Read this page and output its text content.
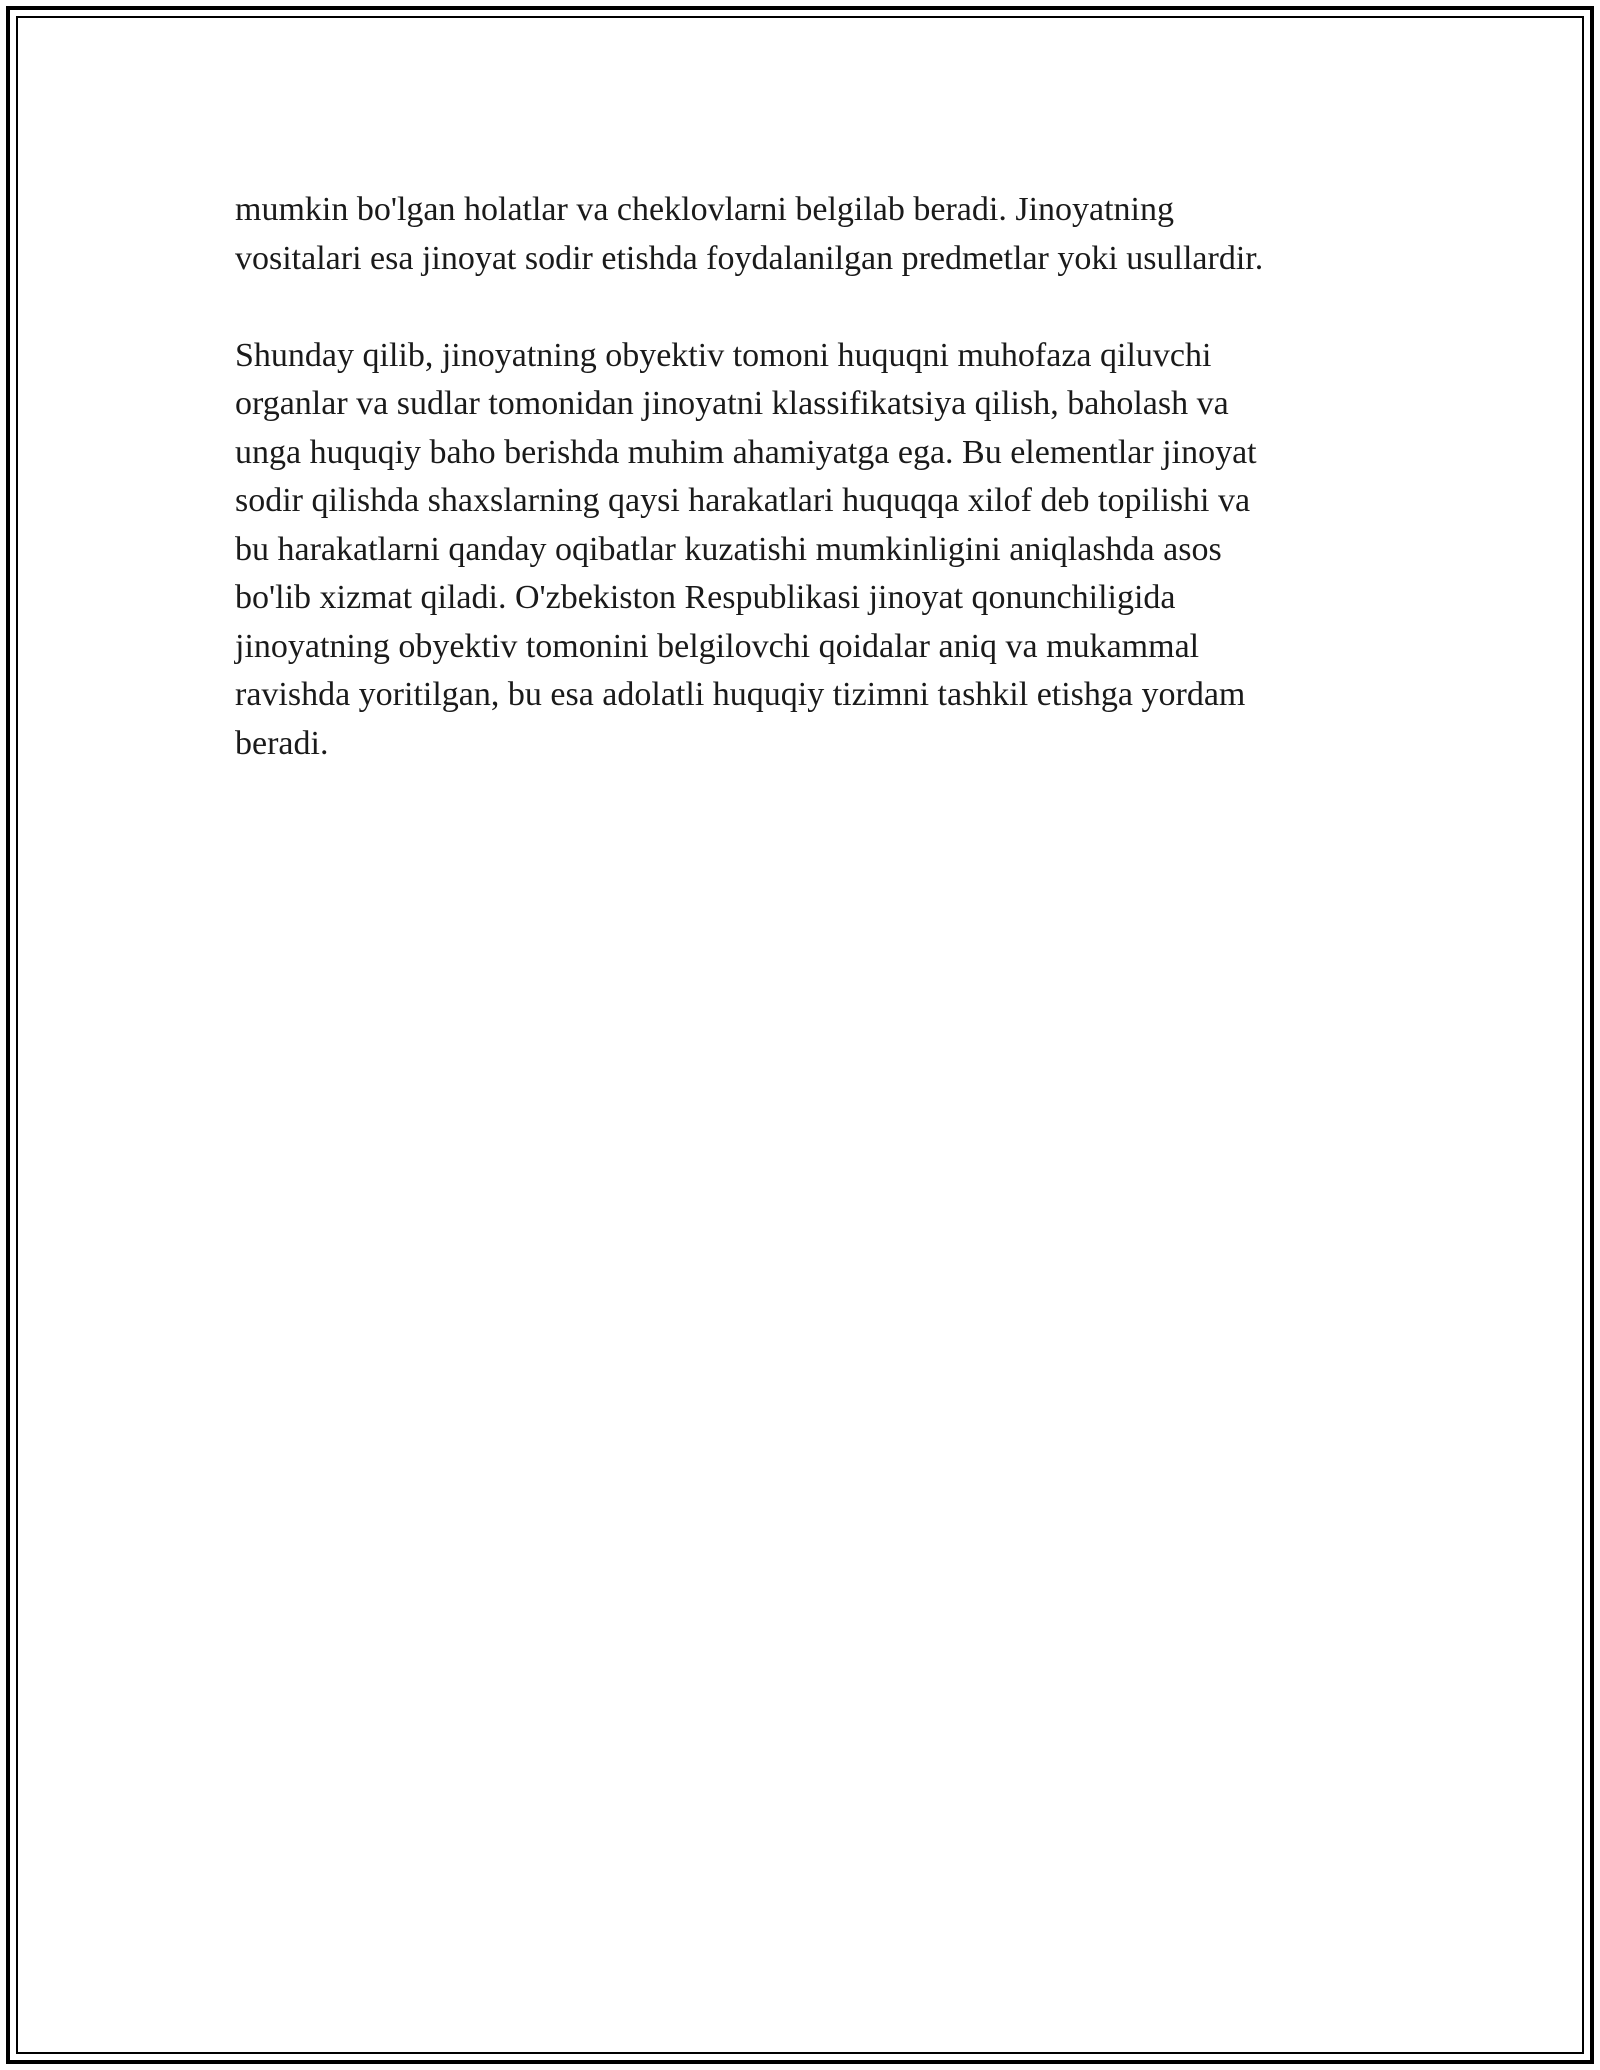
mumkin bo'lgan holatlar va cheklovlarni belgilab beradi. Jinoyatning
vositalari esa jinoyat sodir etishda foydalanilgan predmetlar yoki usullardir.

Shunday qilib, jinoyatning obyektiv tomoni huquqni muhofaza qiluvchi
organlar va sudlar tomonidan jinoyatni klassifikatsiya qilish, baholash va
unga huquqiy baho berishda muhim ahamiyatga ega. Bu elementlar jinoyat
sodir qilishda shaxslarning qaysi harakatlari huquqqa xilof deb topilishi va
bu harakatlarni qanday oqibatlar kuzatishi mumkinligini aniqlashda asos
bo'lib xizmat qiladi. O'zbekiston Respublikasi jinoyat qonunchiligida
jinoyatning obyektiv tomonini belgilovchi qoidalar aniq va mukammal
ravishda yoritilgan, bu esa adolatli huquqiy tizimni tashkil etishga yordam
beradi.
